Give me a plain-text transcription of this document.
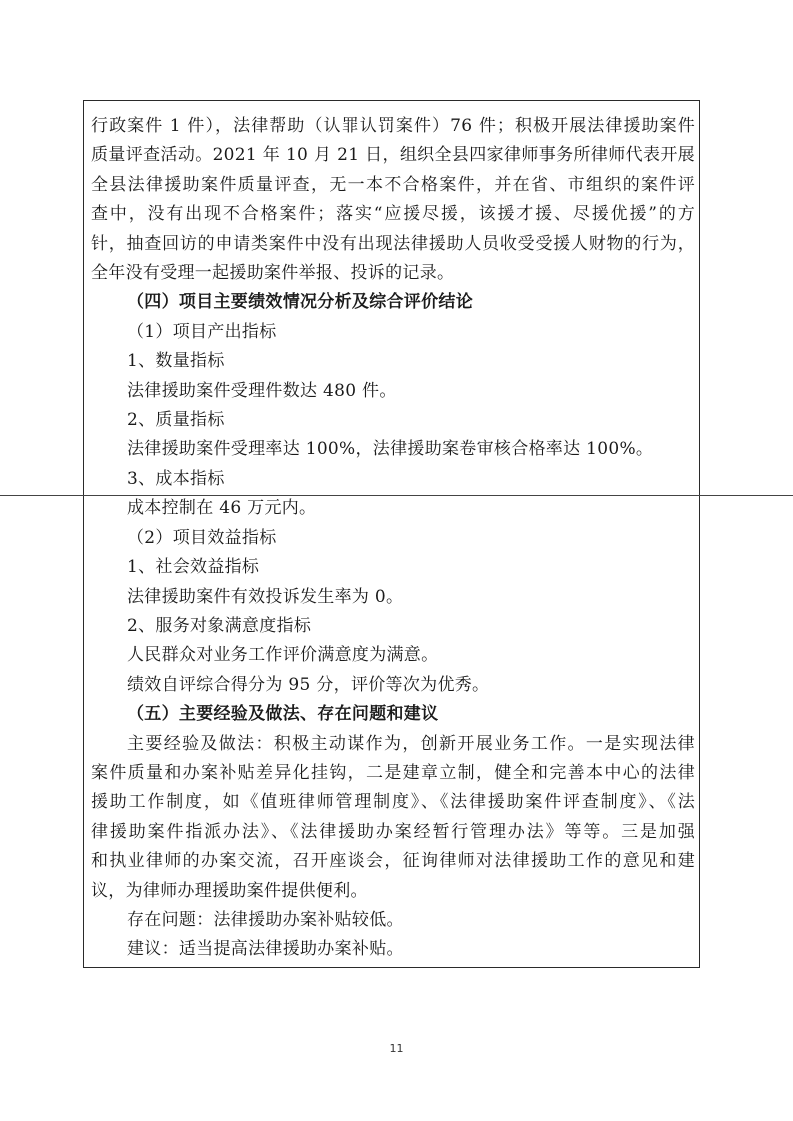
行政案件 1 件），法律帮助（认罪认罚案件）76 件；积极开展法律援助案件

质量评查活动。2021 年 10 月 21 日，组织全县四家律师事务所律师代表开展

全县法律援助案件质量评查，无一本不合格案件，并在省、市组织的案件评

查中，没有出现不合格案件；落实“应援尽援，该援才援、尽援优援”的方

针，抽查回访的申请类案件中没有出现法律援助人员收受受援人财物的行为，

全年没有受理一起援助案件举报、投诉的记录。

（四）项目主要绩效情况分析及综合评价结论

（1）项目产出指标

1、数量指标

法律援助案件受理件数达 480 件。

2、质量指标

法律援助案件受理率达 100%，法律援助案卷审核合格率达 100%。

3、成本指标

成本控制在 46 万元内。

（2）项目效益指标

1、社会效益指标

法律援助案件有效投诉发生率为 0。

2、服务对象满意度指标

人民群众对业务工作评价满意度为满意。

绩效自评综合得分为 95 分，评价等次为优秀。

（五）主要经验及做法、存在问题和建议

主要经验及做法：积极主动谋作为，创新开展业务工作。一是实现法律

案件质量和办案补贴差异化挂钩，二是建章立制，健全和完善本中心的法律

援助工作制度，如《值班律师管理制度》、《法律援助案件评查制度》、《法

律援助案件指派办法》、《法律援助办案经暂行管理办法》等等。三是加强

和执业律师的办案交流，召开座谈会，征询律师对法律援助工作的意见和建

议，为律师办理援助案件提供便利。

存在问题：法律援助办案补贴较低。

建议：适当提高法律援助办案补贴。

11
